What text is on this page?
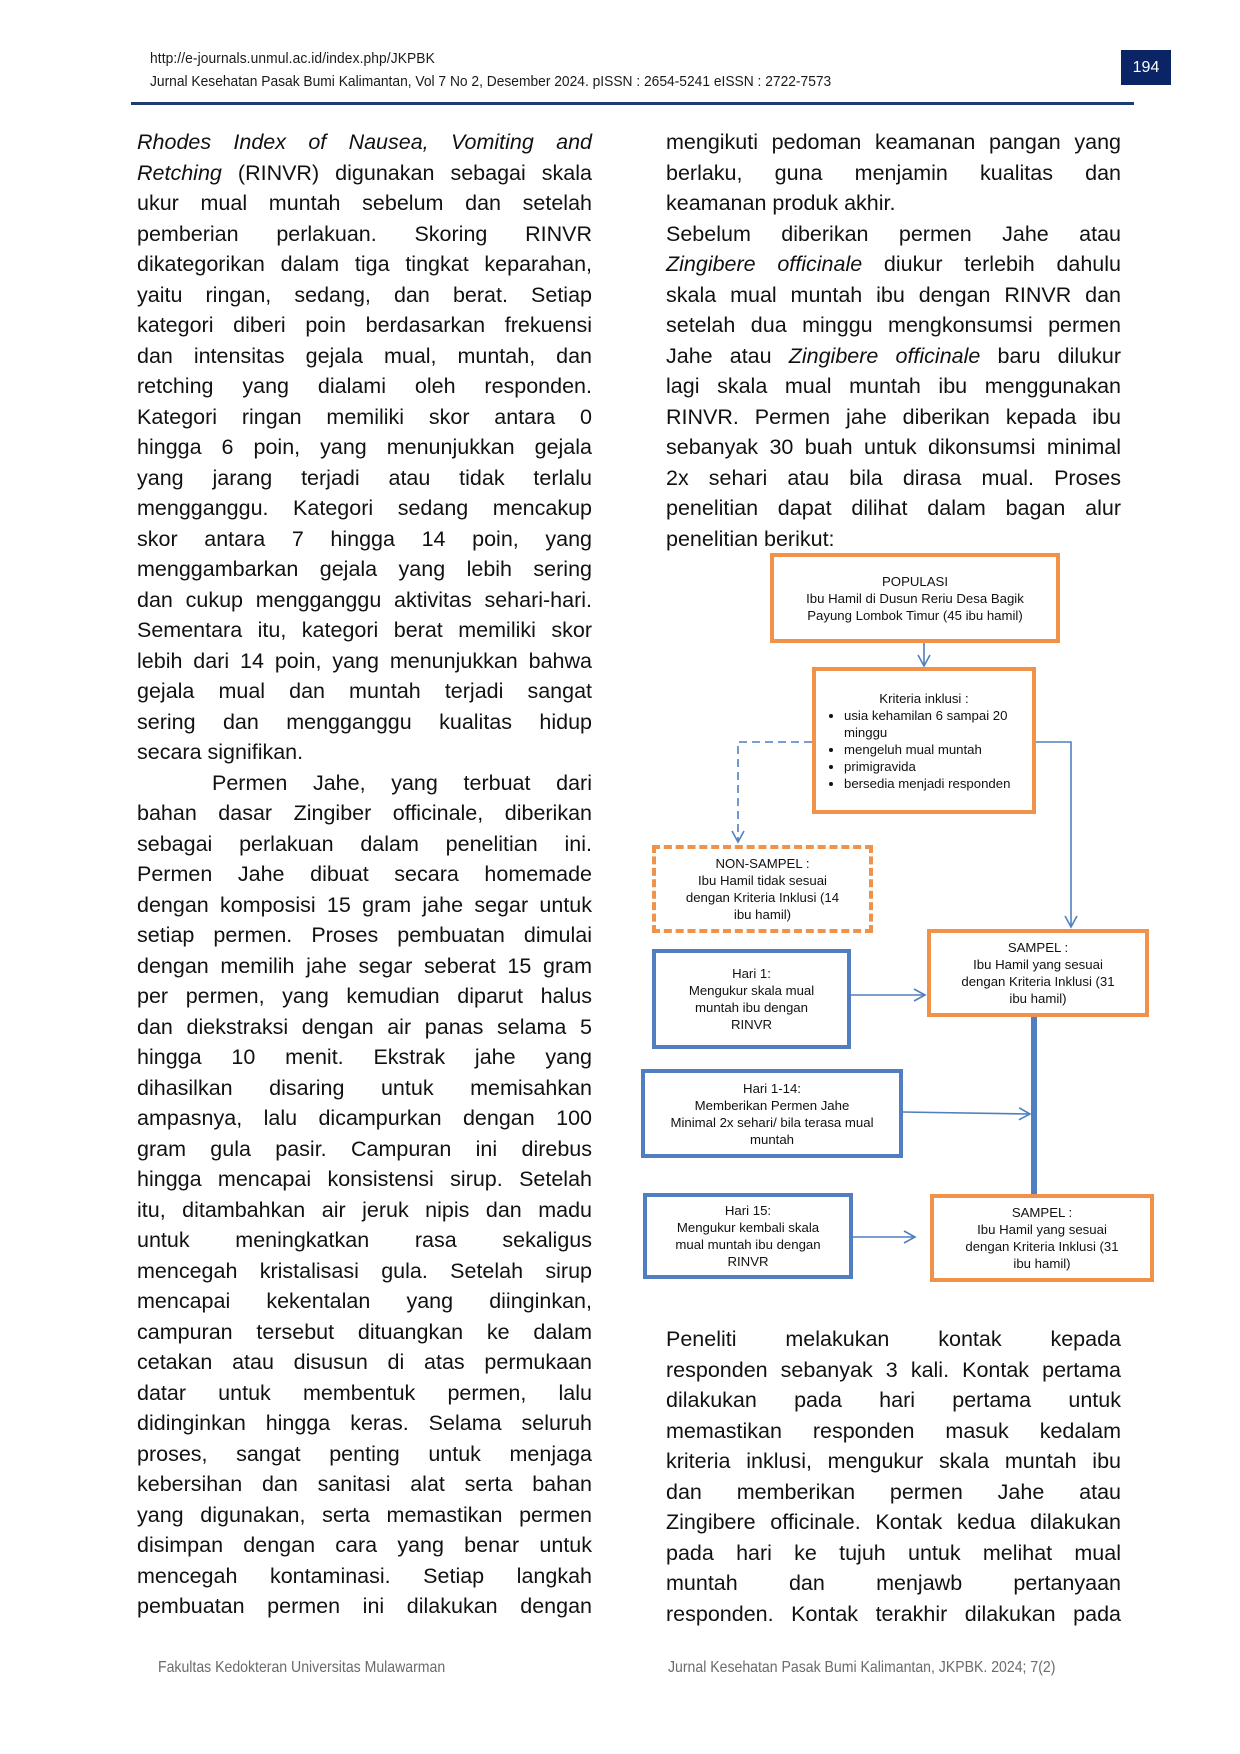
http://e-journals.unmul.ac.id/index.php/JKPBK
Jurnal Kesehatan Pasak Bumi Kalimantan, Vol 7 No 2, Desember 2024. pISSN : 2654-5241 eISSN : 2722-7573
194
Rhodes Index of Nausea, Vomiting and
Retching (RINVR) digunakan sebagai skala
ukur mual muntah sebelum dan setelah
pemberian perlakuan. Skoring RINVR
dikategorikan dalam tiga tingkat keparahan,
yaitu ringan, sedang, dan berat. Setiap
kategori diberi poin berdasarkan frekuensi
dan intensitas gejala mual, muntah, dan
retching yang dialami oleh responden.
Kategori ringan memiliki skor antara 0
hingga 6 poin, yang menunjukkan gejala
yang jarang terjadi atau tidak terlalu
mengganggu. Kategori sedang mencakup
skor antara 7 hingga 14 poin, yang
menggambarkan gejala yang lebih sering
dan cukup mengganggu aktivitas sehari-hari.
Sementara itu, kategori berat memiliki skor
lebih dari 14 poin, yang menunjukkan bahwa
gejala mual dan muntah terjadi sangat
sering dan mengganggu kualitas hidup
secara signifikan.
Permen Jahe, yang terbuat dari
bahan dasar Zingiber officinale, diberikan
sebagai perlakuan dalam penelitian ini.
Permen Jahe dibuat secara homemade
dengan komposisi 15 gram jahe segar untuk
setiap permen. Proses pembuatan dimulai
dengan memilih jahe segar seberat 15 gram
per permen, yang kemudian diparut halus
dan diekstraksi dengan air panas selama 5
hingga 10 menit. Ekstrak jahe yang
dihasilkan disaring untuk memisahkan
ampasnya, lalu dicampurkan dengan 100
gram gula pasir. Campuran ini direbus
hingga mencapai konsistensi sirup. Setelah
itu, ditambahkan air jeruk nipis dan madu
untuk meningkatkan rasa sekaligus
mencegah kristalisasi gula. Setelah sirup
mencapai kekentalan yang diinginkan,
campuran tersebut dituangkan ke dalam
cetakan atau disusun di atas permukaan
datar untuk membentuk permen, lalu
didinginkan hingga keras. Selama seluruh
proses, sangat penting untuk menjaga
kebersihan dan sanitasi alat serta bahan
yang digunakan, serta memastikan permen
disimpan dengan cara yang benar untuk
mencegah kontaminasi. Setiap langkah
pembuatan permen ini dilakukan dengan
mengikuti pedoman keamanan pangan yang
berlaku, guna menjamin kualitas dan
keamanan produk akhir.
Sebelum diberikan permen Jahe atau
Zingibere officinale diukur terlebih dahulu
skala mual muntah ibu dengan RINVR dan
setelah dua minggu mengkonsumsi permen
Jahe atau Zingibere officinale baru dilukur
lagi skala mual muntah ibu menggunakan
RINVR. Permen jahe diberikan kepada ibu
sebanyak 30 buah untuk dikonsumsi minimal
2x sehari atau bila dirasa mual. Proses
penelitian dapat dilihat dalam bagan alur
penelitian berikut:
Peneliti melakukan kontak kepada
responden sebanyak 3 kali. Kontak pertama
dilakukan pada hari pertama untuk
memastikan responden masuk kedalam
kriteria inklusi, mengukur skala muntah ibu
dan memberikan permen Jahe atau
Zingibere officinale. Kontak kedua dilakukan
pada hari ke tujuh untuk melihat mual
muntah dan menjawb pertanyaan
responden. Kontak terakhir dilakukan pada
POPULASI
Ibu Hamil di Dusun Reriu Desa Bagik
Payung Lombok Timur (45 ibu hamil)
Kriteria inklusi :
• usia kehamilan 6 sampai 20 minggu
• mengeluh mual muntah
• primigravida
• bersedia menjadi responden
NON-SAMPEL :
Ibu Hamil tidak sesuai
dengan Kriteria Inklusi (14
ibu hamil)
SAMPEL :
Ibu Hamil yang sesuai
dengan Kriteria Inklusi (31
ibu hamil)
Hari 1:
Mengukur skala mual
muntah ibu dengan
RINVR
Hari 1-14:
Memberikan Permen Jahe
Minimal 2x sehari/ bila terasa mual
muntah
Hari 15:
Mengukur kembali skala
mual muntah ibu dengan
RINVR
SAMPEL :
Ibu Hamil yang sesuai
dengan Kriteria Inklusi (31
ibu hamil)
Fakultas Kedokteran Universitas Mulawarman	Jurnal Kesehatan Pasak Bumi Kalimantan, JKPBK. 2024; 7(2)
